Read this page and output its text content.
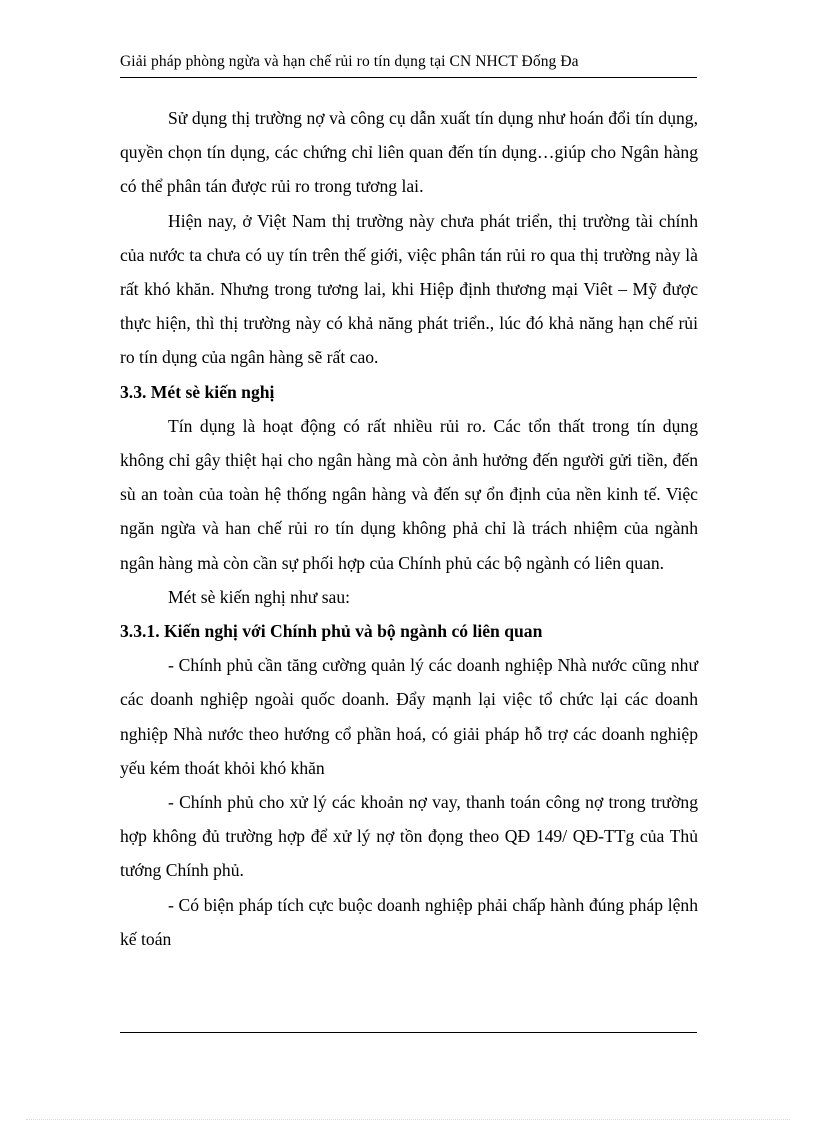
Giải pháp phòng ngừa và hạn chế rủi ro tín dụng tại CN NHCT Đống Đa

Sử dụng thị trường nợ và công cụ dẫn xuất tín dụng như hoán đổi tín dụng, quyền chọn tín dụng, các chứng chỉ liên quan đến tín dụng…giúp cho Ngân hàng có thể phân tán được rủi ro trong tương lai.

Hiện nay, ở Việt Nam thị trường này chưa phát triển, thị trường tài chính của nước ta chưa có uy tín trên thế giới, việc phân tán rủi ro qua thị trường này là rất khó khăn. Nhưng trong tương lai, khi Hiệp định thương mại Viêt – Mỹ được thực hiện, thì thị trường này có khả năng phát triển., lúc đó khả năng hạn chế rủi ro tín dụng của ngân hàng sẽ rất cao.

3.3. Mét sè kiến nghị

Tín dụng là hoạt động có rất nhiều rủi ro. Các tổn thất trong tín dụng không chỉ gây thiệt hại cho ngân hàng mà còn ảnh hưởng đến người gửi tiền, đến sù an toàn của toàn hệ thống ngân hàng và đến sự ổn định của nền kinh tế. Việc ngăn ngừa và han chế rủi ro tín dụng không phả chỉ là trách nhiệm của ngành ngân hàng mà còn cần sự phối hợp của Chính phủ các bộ ngành có liên quan.

Mét sè kiến nghị như sau:

3.3.1. Kiến nghị với Chính phủ và bộ ngành có liên quan

- Chính phủ cần tăng cường quản lý các doanh nghiệp Nhà nước cũng như các doanh nghiệp ngoài quốc doanh. Đẩy mạnh lại việc tổ chức lại các doanh nghiệp Nhà nước theo hướng cổ phần hoá, có giải pháp hỗ trợ các doanh nghiệp yếu kém thoát khỏi khó khăn

- Chính phủ cho xử lý các khoản nợ vay, thanh toán công nợ trong trường hợp không đủ trường hợp để xử lý nợ tồn đọng theo QĐ 149/ QĐ-TTg của Thủ tướng Chính phủ.

- Có biện pháp tích cực buộc doanh nghiệp phải chấp hành đúng pháp lệnh kế toán
